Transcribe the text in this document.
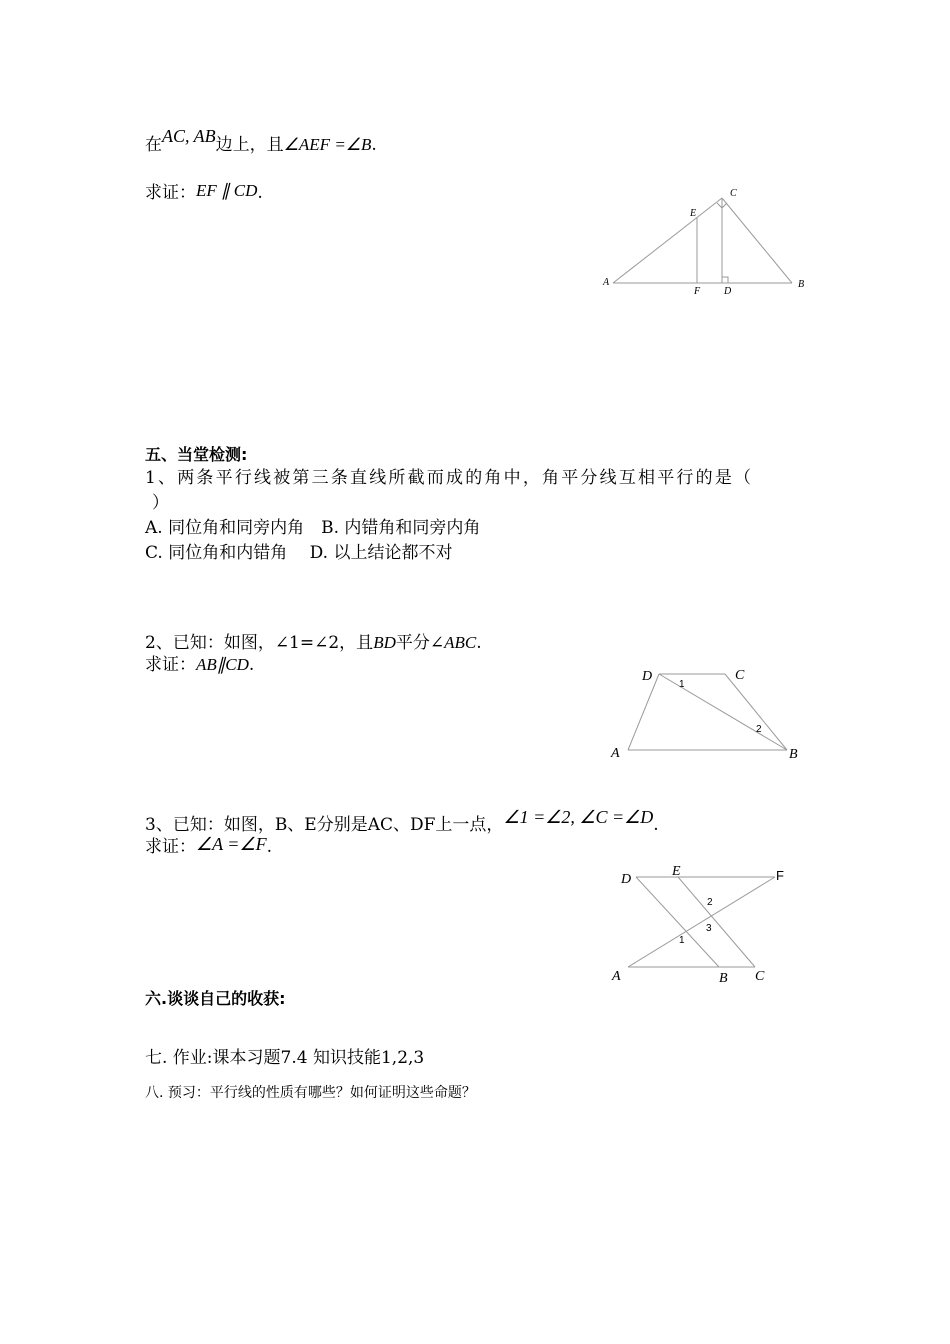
在AC, AB边上，且∠AEF =∠B.
求证：EF ∥ CD.
A	B
C
D
E
F
五、当堂检测:
1、两条平行线被第三条直线所截而成的角中，角平分线互相平行的是（
）
A. 同位角和同旁内角　B. 内错角和同旁内角
C. 同位角和内错角　 D. 以上结论都不对
2、已知：如图，∠1=∠2，且BD平分∠ABC.
求证：AB∥CD.
D	C
A	B
1
2
3、已知：如图，B、E分别是AC、DF上一点，∠1 =∠2, ∠C =∠D.
求证：∠A =∠F.
D
E	F
A	B C
1
2
3
六.谈谈自己的收获:
七. 作业:课本习题7.4 知识技能1,2,3
八. 预习：平行线的性质有哪些？如何证明这些命题？
